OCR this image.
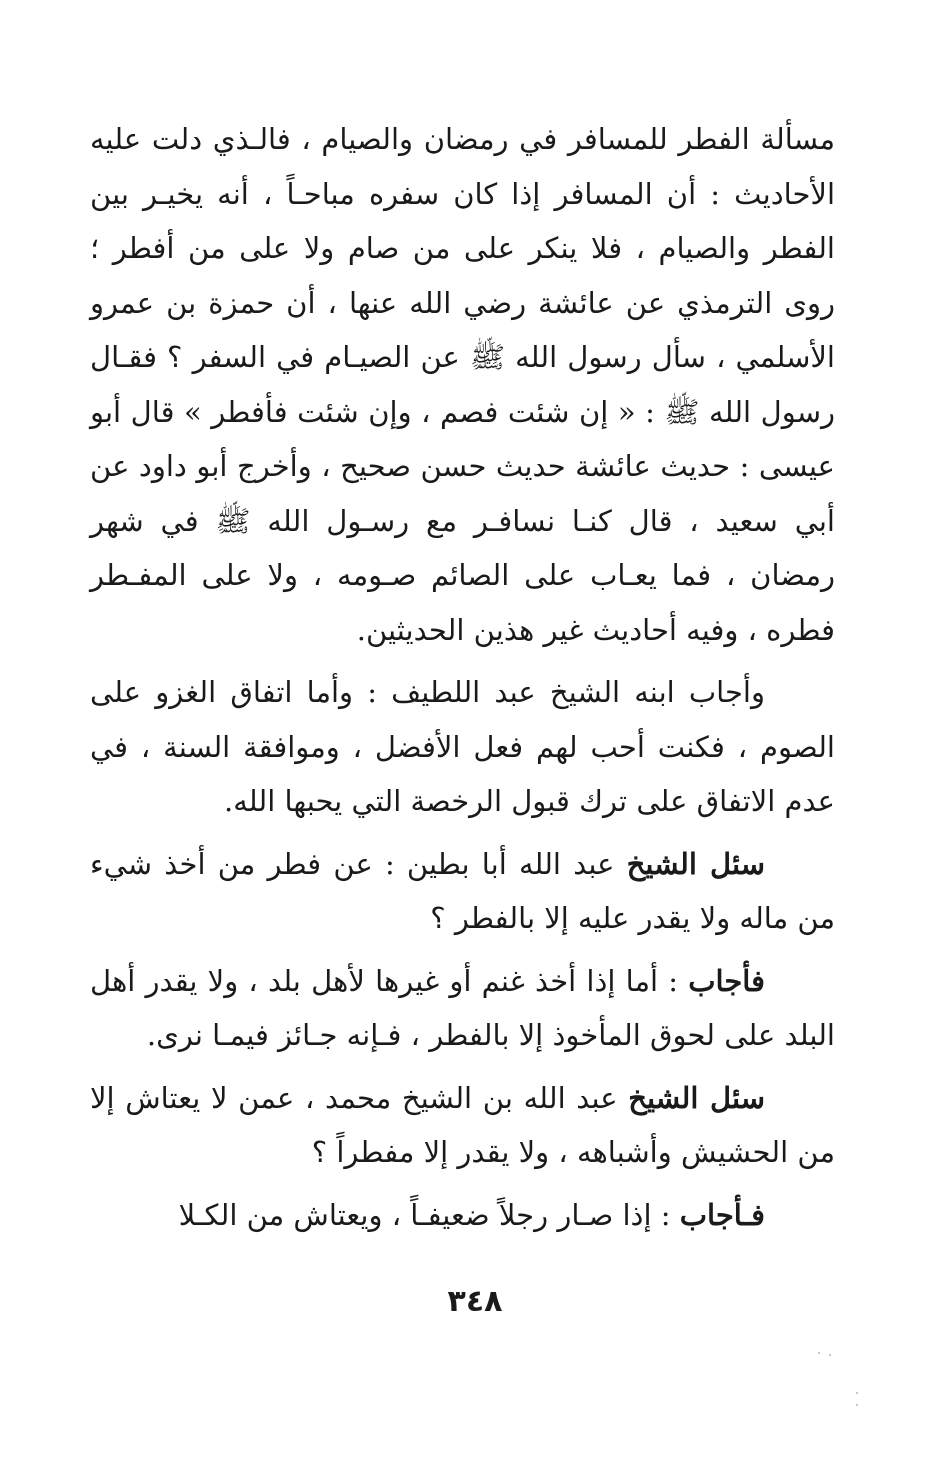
مسألة الفطر للمسافر في رمضان والصيام ، فالـذي دلت عليه الأحاديث : أن المسافر إذا كان سفره مباحـاً ، أنه يخيـر بين الفطر والصيام ، فلا ينكر على من صام ولا على من أفطر ؛ روى الترمذي عن عائشة رضي الله عنها ، أن حمزة بن عمرو الأسلمي ، سأل رسول الله ﷺ عن الصيـام في السفر ؟ فقـال رسول الله ﷺ : « إن شئت فصم ، وإن شئت فأفطر » قال أبو عيسى : حديث عائشة حديث حسن صحيح ، وأخرج أبو داود عن أبي سعيد ، قال كنـا نسافـر مع رسـول الله ﷺ في شهر رمضان ، فما يعـاب على الصائم صـومه ، ولا على المفـطر فطره ، وفيه أحاديث غير هذين الحديثين.

وأجاب ابنه الشيخ عبد اللطيف : وأما اتفاق الغزو على الصوم ، فكنت أحب لهم فعل الأفضل ، وموافقة السنة ، في عدم الاتفاق على ترك قبول الرخصة التي يحبها الله.

سئل الشيخ عبد الله أبا بطين : عن فطر من أخذ شيء من ماله ولا يقدر عليه إلا بالفطر ؟

فأجاب : أما إذا أخذ غنم أو غيرها لأهل بلد ، ولا يقدر أهل البلد على لحوق المأخوذ إلا بالفطر ، فـإنه جـائز فيمـا نرى.

سئل الشيخ عبد الله بن الشيخ محمد ، عمن لا يعتاش إلا من الحشيش وأشباهه ، ولا يقدر إلا مفطراً ؟

فـأجاب : إذا صـار رجلاً ضعيفـاً ، ويعتاش من الكـلا

٣٤٨
